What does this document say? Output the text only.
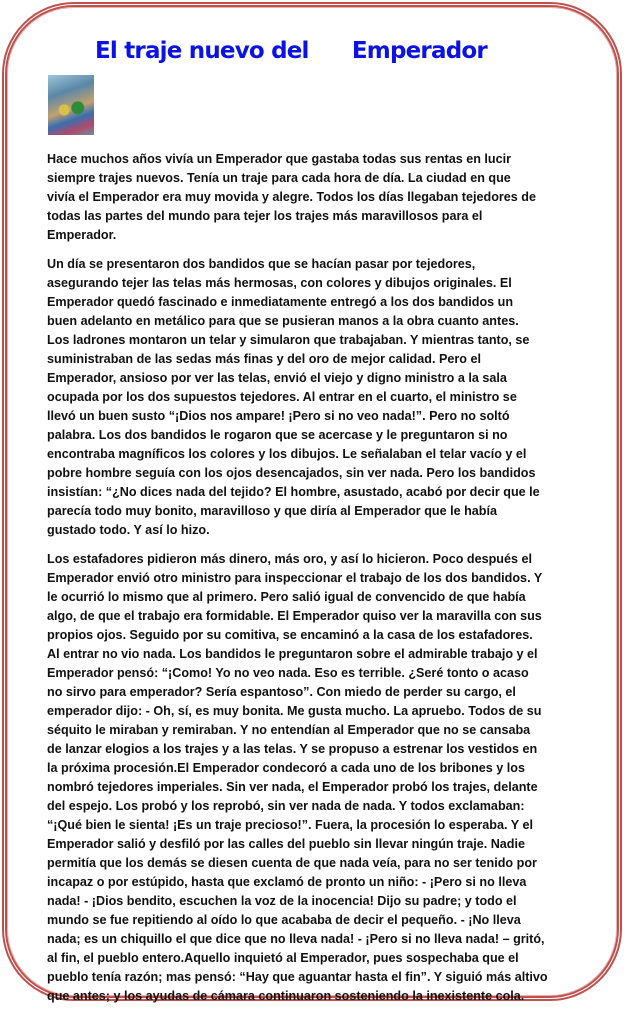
El traje nuevo del      Emperador
Hace muchos años vivía un Emperador que gastaba todas sus rentas en lucir
siempre trajes nuevos. Tenía un traje para cada hora de día. La ciudad en que
vivía el Emperador era muy movida y alegre. Todos los días llegaban tejedores de
todas las partes del mundo para tejer los trajes más maravillosos para el
Emperador.
Un día se presentaron dos bandidos que se hacían pasar por tejedores,
asegurando tejer las telas más hermosas, con colores y dibujos originales. El
Emperador quedó fascinado e inmediatamente entregó a los dos bandidos un
buen adelanto en metálico para que se pusieran manos a la obra cuanto antes.
Los ladrones montaron un telar y simularon que trabajaban. Y mientras tanto, se
suministraban de las sedas más finas y del oro de mejor calidad. Pero el
Emperador, ansioso por ver las telas, envió el viejo y digno ministro a la sala
ocupada por los dos supuestos tejedores. Al entrar en el cuarto, el ministro se
llevó un buen susto “¡Dios nos ampare! ¡Pero si no veo nada!”. Pero no soltó
palabra. Los dos bandidos le rogaron que se acercase y le preguntaron si no
encontraba magníficos los colores y los dibujos. Le señalaban el telar vacío y el
pobre hombre seguía con los ojos desencajados, sin ver nada. Pero los bandidos
insistían: “¿No dices nada del tejido? El hombre, asustado, acabó por decir que le
parecía todo muy bonito, maravilloso y que diría al Emperador que le había
gustado todo. Y así lo hizo.
Los estafadores pidieron más dinero, más oro, y así lo hicieron. Poco después el
Emperador envió otro ministro para inspeccionar el trabajo de los dos bandidos. Y
le ocurrió lo mismo que al primero. Pero salió igual de convencido de que había
algo, de que el trabajo era formidable. El Emperador quiso ver la maravilla con sus
propios ojos. Seguido por su comitiva, se encaminó a la casa de los estafadores.
Al entrar no vio nada. Los bandidos le preguntaron sobre el admirable trabajo y el
Emperador pensó: “¡Como! Yo no veo nada. Eso es terrible. ¿Seré tonto o acaso
no sirvo para emperador? Sería espantoso”. Con miedo de perder su cargo, el
emperador dijo: - Oh, sí, es muy bonita. Me gusta mucho. La apruebo. Todos de su
séquito le miraban y remiraban. Y no entendían al Emperador que no se cansaba
de lanzar elogios a los trajes y a las telas. Y se propuso a estrenar los vestidos en
la próxima procesión.El Emperador condecoró a cada uno de los bribones y los
nombró tejedores imperiales. Sin ver nada, el Emperador probó los trajes, delante
del espejo. Los probó y los reprobó, sin ver nada de nada. Y todos exclamaban:
“¡Qué bien le sienta! ¡Es un traje precioso!”. Fuera, la procesión lo esperaba. Y el
Emperador salió y desfiló por las calles del pueblo sin llevar ningún traje. Nadie
permitía que los demás se diesen cuenta de que nada veía, para no ser tenido por
incapaz o por estúpido, hasta que exclamó de pronto un niño: - ¡Pero si no lleva
nada! - ¡Dios bendito, escuchen la voz de la inocencia! Dijo su padre; y todo el
mundo se fue repitiendo al oído lo que acababa de decir el pequeño. - ¡No lleva
nada; es un chiquillo el que dice que no lleva nada! - ¡Pero si no lleva nada! – gritó,
al fin, el pueblo entero.Aquello inquietó al Emperador, pues sospechaba que el
pueblo tenía razón; mas pensó: “Hay que aguantar hasta el fin”. Y siguió más altivo
que antes; y los ayudas de cámara continuaron sosteniendo la inexistente cola.
